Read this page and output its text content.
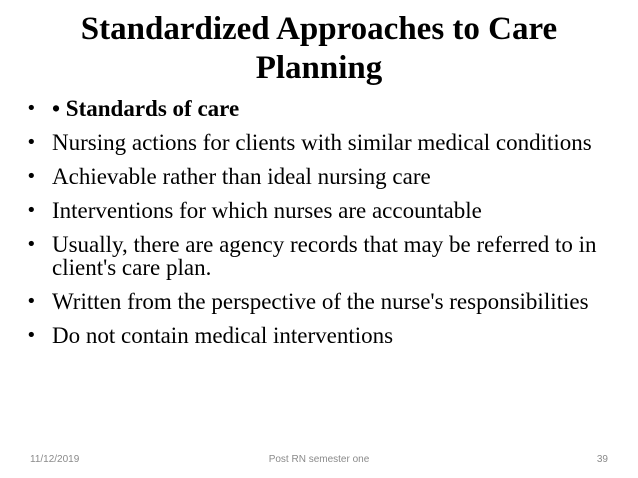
Standardized Approaches to Care Planning
• • Standards of care
• Nursing actions for clients with similar medical conditions
• Achievable rather than ideal nursing care
• Interventions for which nurses are accountable
• Usually, there are agency records that may be referred to in client's care plan.
• Written from the perspective of the nurse's responsibilities
• Do not contain medical interventions
11/12/2019	Post RN semester one	39
